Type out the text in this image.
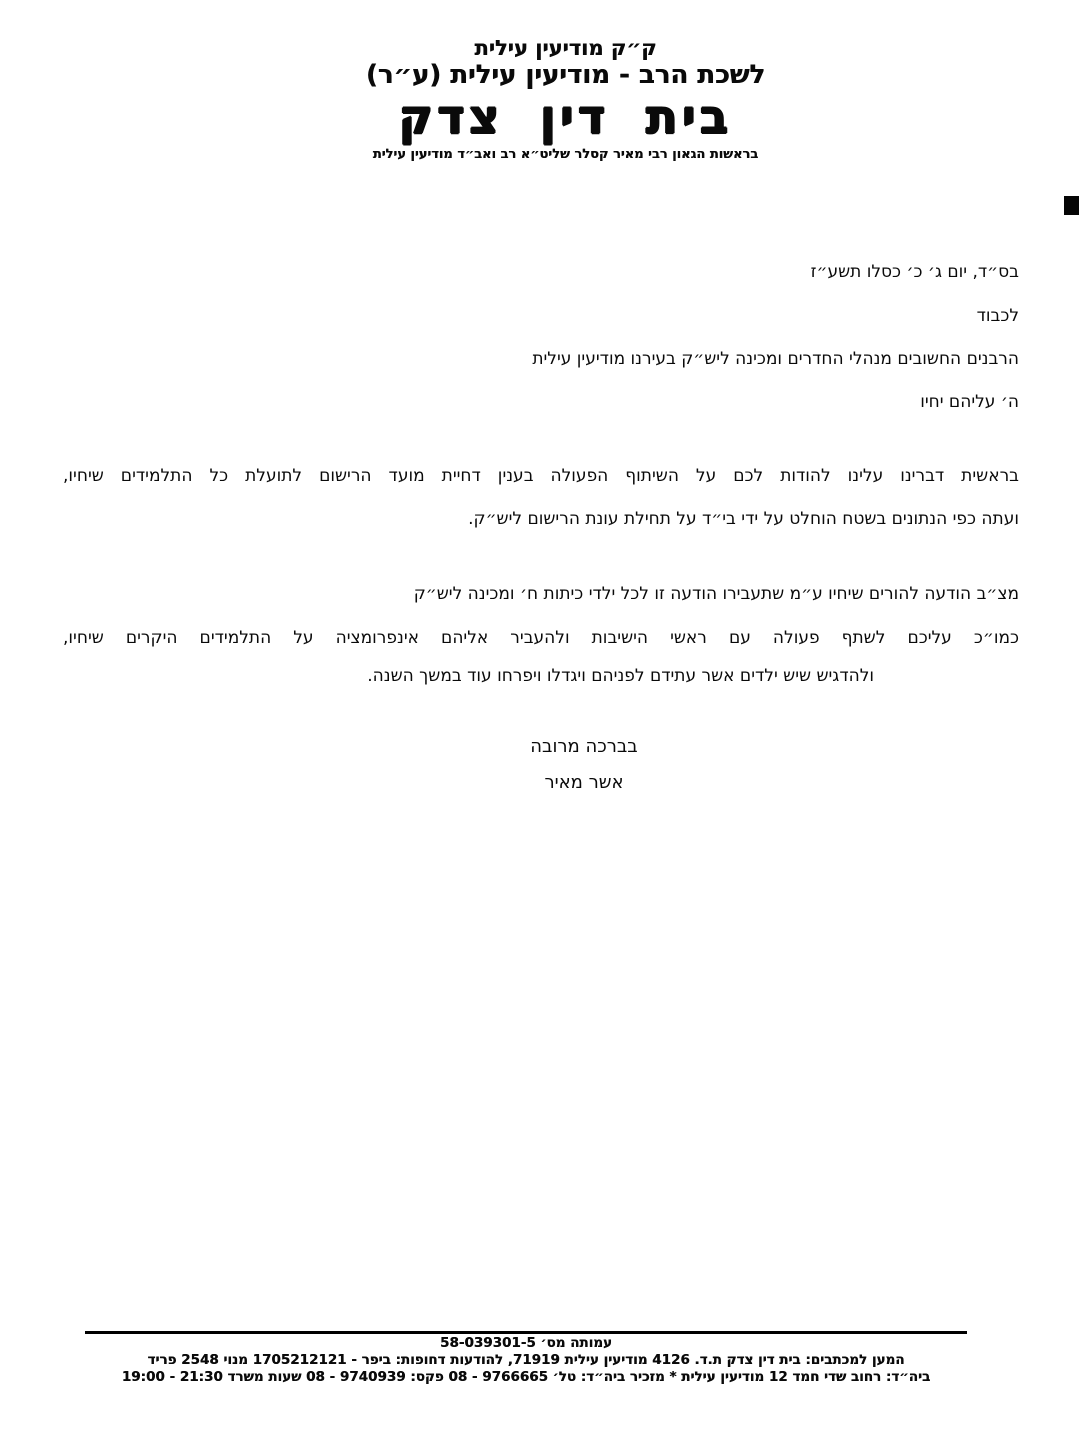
ק״ק מודיעין עילית
לשכת הרב - מודיעין עילית (ע״ר)
בית דין צדק
בראשות הגאון רבי מאיר קסלר שליט״א רב ואב״ד מודיעין עילית
בס״ד, יום ג׳ כ׳ כסלו תשע״ז
לכבוד
הרבנים החשובים מנהלי החדרים ומכינה ליש״ק בעירנו מודיעין עילית
ה׳ עליהם יחיו
בראשית דברינו עלינו להודות לכם על השיתוף הפעולה בענין דחיית מועד הרישום לתועלת כל התלמידים שיחיו,
ועתה כפי הנתונים בשטח הוחלט על ידי בי״ד על תחילת עונת הרישום ליש״ק.
מצ״ב הודעה להורים שיחיו ע״מ שתעבירו הודעה זו לכל ילדי כיתות ח׳ ומכינה ליש״ק
כמו״כ עליכם לשתף פעולה עם ראשי הישיבות ולהעביר אליהם אינפרומציה על התלמידים היקרים שיחיו,
ולהדגיש שיש ילדים אשר עתידם לפניהם ויגדלו ויפרחו עוד במשך השנה.
בברכה מרובה
אשר מאיר
עמותה מס׳ 58-039301-5
המען למכתבים: בית דין צדק ת.ד. 4126 מודיעין עילית 71919, להודעות דחופות: ביפר - 1705212121 מנוי 2548 פריד
ביה״ד: רחוב שדי חמד 12 מודיעין עילית * מזכיר ביה״ד: טל׳ 9766665 - 08 פקס: 9740939 - 08 שעות משרד 21:30 - 19:00
